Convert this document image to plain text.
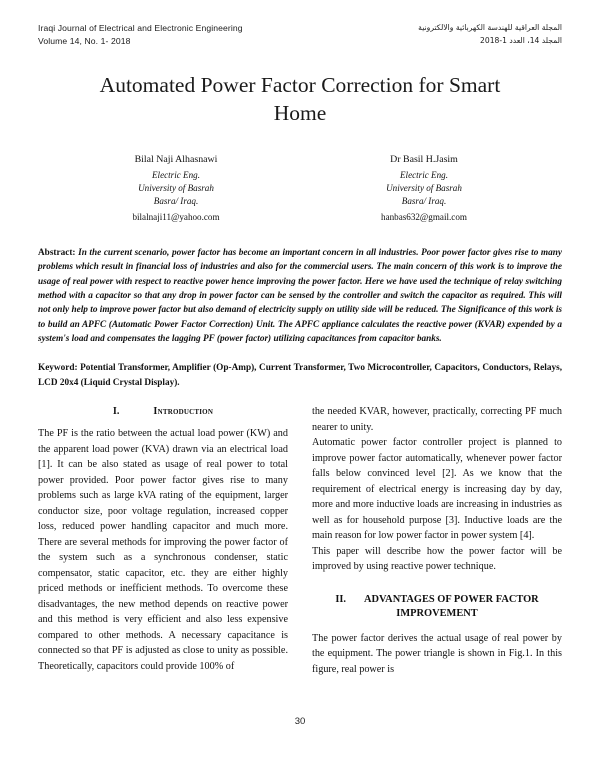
Iraqi Journal of Electrical and Electronic Engineering
Volume 14, No. 1- 2018
المجلة العراقية للهندسة الكهربائية والالكترونية
المجلد 14، العدد 1-2018
Automated Power Factor Correction for Smart Home
Bilal Naji Alhasnawi
Electric Eng.
University of Basrah
Basra/ Iraq.
bilalnaji11@yahoo.com
Dr Basil H.Jasim
Electric Eng.
University of Basrah
Basra/ Iraq.
hanbas632@gmail.com
Abstract: In the current scenario, power factor has become an important concern in all industries. Poor power factor gives rise to many problems which result in financial loss of industries and also for the commercial users. The main concern of this work is to improve the usage of real power with respect to reactive power hence improving the power factor. Here we have used the technique of relay switching method with a capacitor so that any drop in power factor can be sensed by the controller and switch the capacitor as required. This will not only help to improve power factor but also demand of electricity supply on utility side will be reduced. The Significance of this work is to build an APFC (Automatic Power Factor Correction) Unit. The APFC appliance calculates the reactive power (KVAR) expended by a system's load and compensates the lagging PF (power factor) utilizing capacitances from capacitor banks.
Keyword: Potential Transformer, Amplifier (Op-Amp), Current Transformer, Two Microcontroller, Capacitors, Conductors, Relays, LCD 20x4 (Liquid Crystal Display).
I.	Introduction

The PF is the ratio between the actual load power (KW) and the apparent load power (KVA) drawn via an electrical load [1]. It can be also stated as usage of real power to total power provided. Poor power factor gives rise to many problems such as large kVA rating of the equipment, larger conductor size, poor voltage regulation, increased copper loss, reduced power handling capacitor and much more. There are several methods for improving the power factor of the system such as a synchronous condenser, static compensator, static capacitor, etc. they are either highly priced methods or inefficient methods. To overcome these disadvantages, the new method depends on reactive power and this method is very efficient and also less expensive compared to other methods. A necessary capacitance is connected so that PF is adjusted as close to unity as possible. Theoretically, capacitors could provide 100% of

the needed KVAR, however, practically, correcting PF much nearer to unity.

Automatic power factor controller project is planned to improve power factor automatically, whenever power factor falls below convinced level [2]. As we know that the requirement of electrical energy is increasing day by day, more and more inductive loads are increasing in industries as well as for household purpose [3]. Inductive loads are the main reason for low power factor in power system [4].

This paper will describe how the power factor will be improved by using reactive power technique.

II. ADVANTAGES OF POWER FACTOR
IMPROVEMENT

The power factor derives the actual usage of real power by the equipment. The power triangle is shown in Fig.1. In this figure, real power is

30
